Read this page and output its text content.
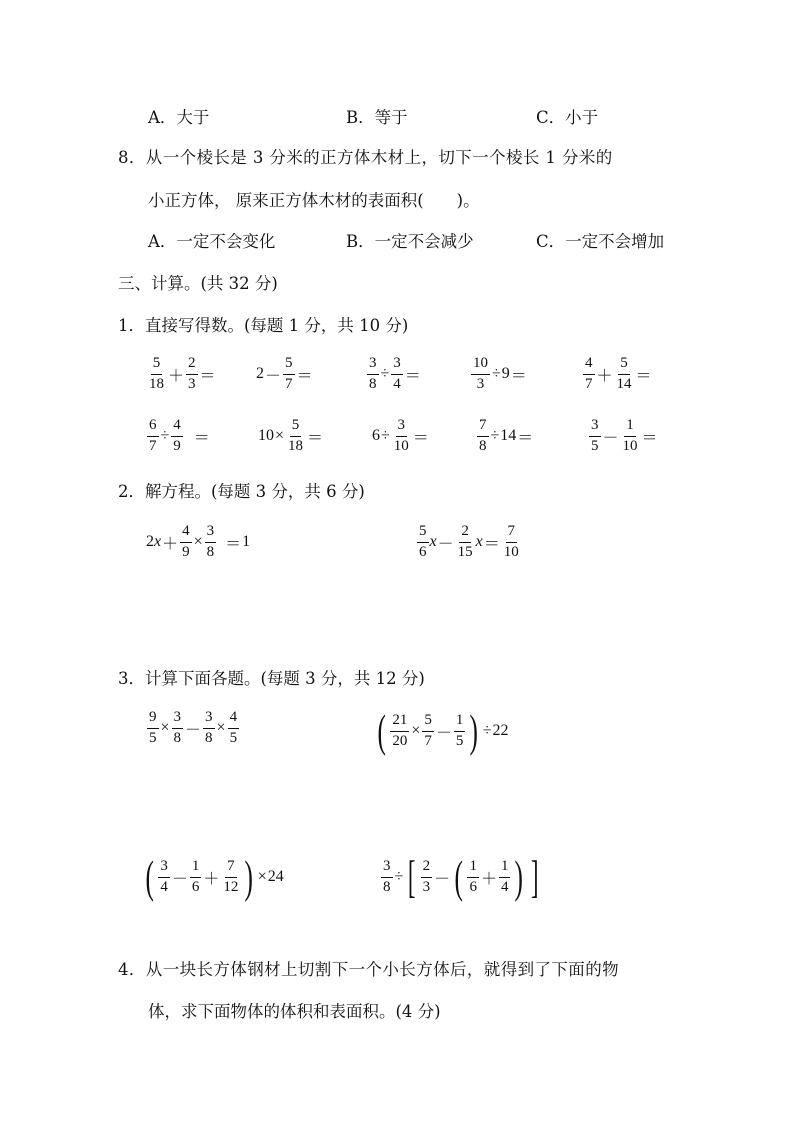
A．大于	B．等于	C．小于
8．从一个棱长是 3 分米的正方体木材上，切下一个棱长 1 分米的
小正方体， 原来正方体木材的表面积(　　)。
A．一定不会变化	B．一定不会减少	C．一定不会增加
三、计算。(共 32 分)
1．直接写得数。(每题 1 分，共 10 分)
$\frac{5}{18} + \frac{2}{3}$ ＝	$2 - \frac{5}{7}$ ＝	$\frac{3}{8} \div \frac{3}{4}$ ＝	$\frac{10}{3} \div 9$ ＝	$\frac{4}{7} + \frac{5}{14}$ ＝
$\frac{6}{7} \div \frac{4}{9}$ ＝	$10 \times \frac{5}{18}$ ＝	$6 \div \frac{3}{10}$ ＝	$\frac{7}{8} \div 14$ ＝	$\frac{3}{5} - \frac{1}{10}$ ＝
2．解方程。(每题 3 分，共 6 分)
2 $x + \frac{4}{9} \times \frac{3}{8} = 1$	$\frac{5}{6}$ $x - \frac{2}{15}$ $x = \frac{7}{10}$
3．计算下面各题。(每题 3 分，共 12 分)
$\frac{9}{5} \times \frac{3}{8} - \frac{3}{8} \times \frac{4}{5}$	( $\frac{21}{20} \times \frac{5}{7} - \frac{1}{5}$ ) ÷ 22
( $\frac{3}{4} - \frac{1}{6} + \frac{7}{12}$ ) × 24	$\frac{3}{8}$ ÷ [ $\frac{2}{3}$ － ( $\frac{1}{6} + \frac{1}{4}$ ) ]
4．从一块长方体钢材上切割下一个小长方体后，就得到了下面的物
体，求下面物体的体积和表面积。(4 分)
